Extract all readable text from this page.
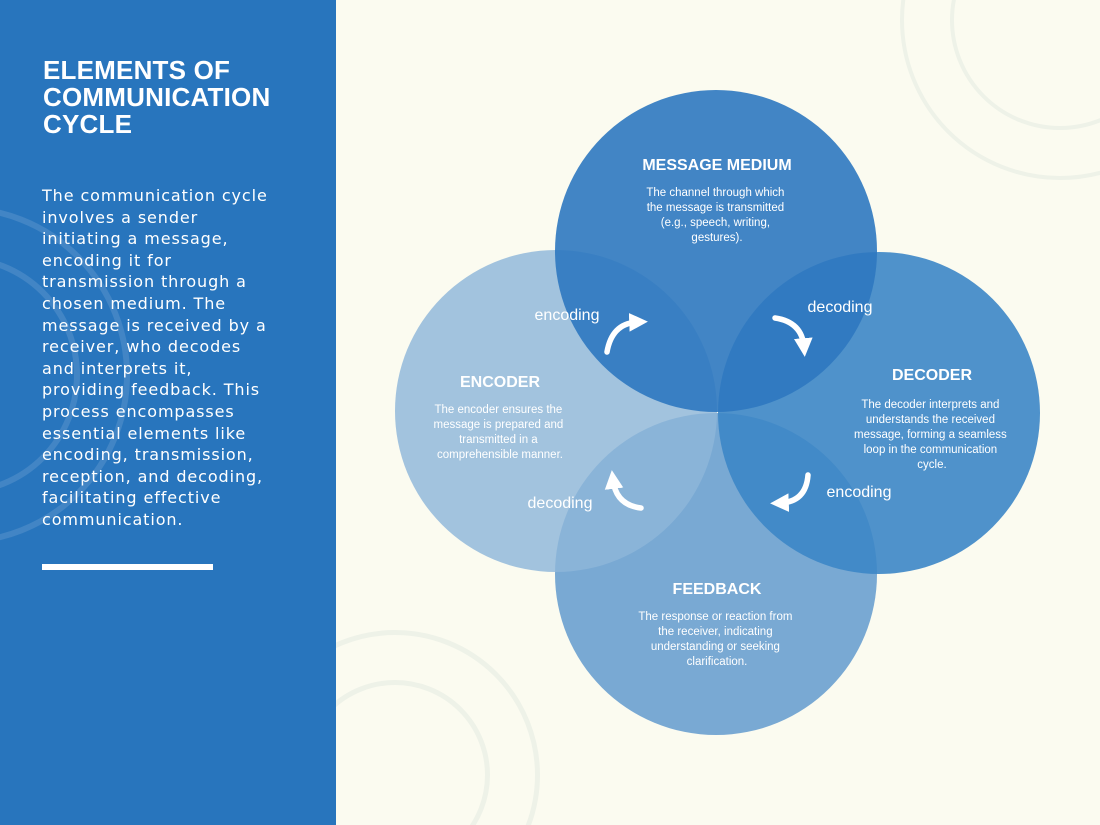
ELEMENTS OF
COMMUNICATION
CYCLE

The communication cycle
involves a sender
initiating a message,
encoding it for
transmission through a
chosen medium. The
message is received by a
receiver, who decodes
and interprets it,
providing feedback. This
process encompasses
essential elements like
encoding, transmission,
reception, and decoding,
facilitating effective
communication.

MESSAGE MEDIUM
ENCODER	DECODER
FEEDBACK
The channel through which the message is transmitted (e.g., speech, writing, gestures).
The encoder ensures the message is prepared and transmitted in a comprehensible manner.
The decoder interprets and understands the received message, forming a seamless loop in the communication cycle.
The response or reaction from the receiver, indicating understanding or seeking clarification.
encoding	decoding
encoding
decoding
